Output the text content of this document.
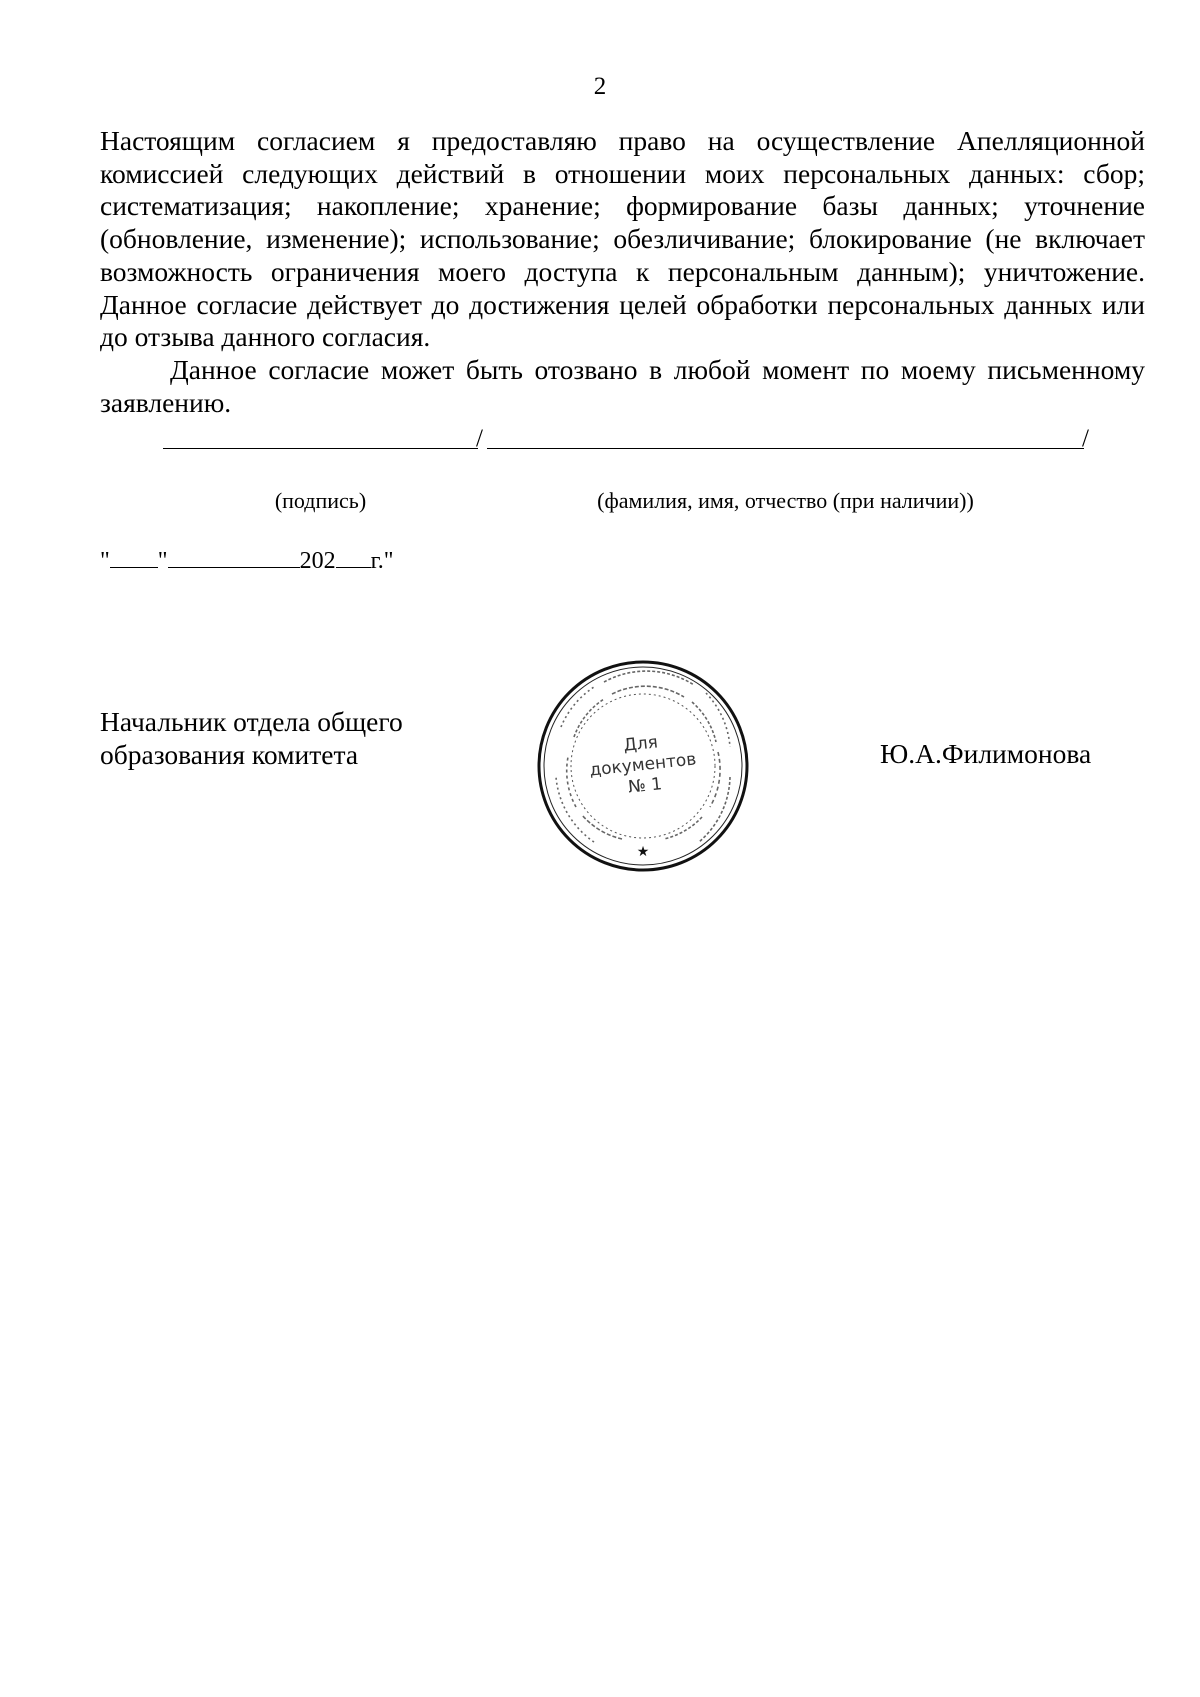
2

Настоящим согласием я предоставляю право на осуществление Апелляционной комиссией следующих действий в отношении моих персональных данных: сбор; систематизация; накопление; хранение; формирование базы данных; уточнение (обновление, изменение); использование; обезличивание; блокирование (не включает возможность ограничения моего доступа к персональным данным); уничтожение. Данное согласие действует до достижения целей обработки персональных данных или до отзыва данного согласия.

Данное согласие может быть отозвано в любой момент по моему письменному заявлению.

/	/
(подпись)	(фамилия, имя, отчество (при наличии))
" "	202 г."
Начальник отдела общего
образования комитета	Ю.А.Филимонова
★
Для
документов
№ 1
